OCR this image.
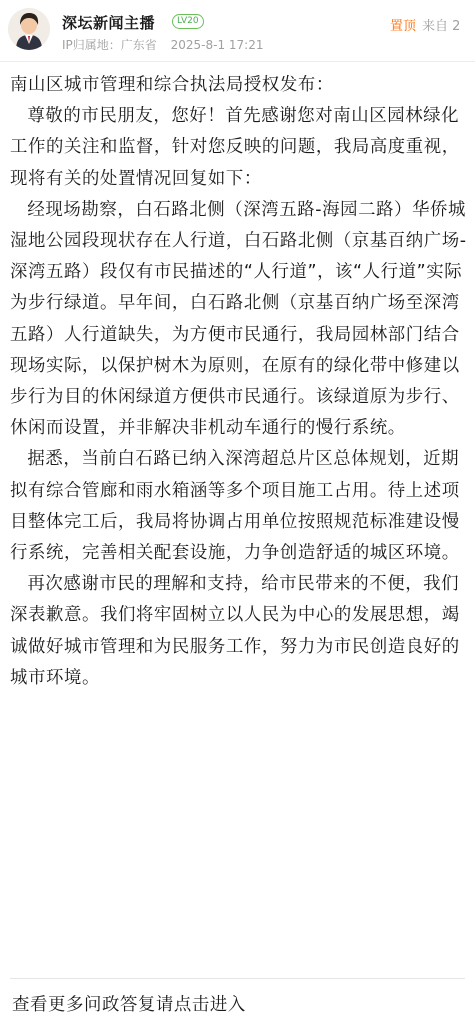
深坛新闻主播	LV20
IP归属地：广东省 2025-8-1 17:21
置顶 来自 2

南山区城市管理和综合执法局授权发布：

尊敬的市民朋友，您好！首先感谢您对南山区园林绿化工作的关注和监督，针对您反映的问题，我局高度重视，现将有关的处置情况回复如下：

经现场勘察，白石路北侧（深湾五路-海园二路）华侨城湿地公园段现状存在人行道，白石路北侧（京基百纳广场-深湾五路）段仅有市民描述的“人行道”，该“人行道”实际为步行绿道。早年间，白石路北侧（京基百纳广场至深湾五路）人行道缺失，为方便市民通行，我局园林部门结合现场实际，以保护树木为原则，在原有的绿化带中修建以步行为目的休闲绿道方便供市民通行。该绿道原为步行、休闲而设置，并非解决非机动车通行的慢行系统。

据悉，当前白石路已纳入深湾超总片区总体规划，近期拟有综合管廊和雨水箱涵等多个项目施工占用。待上述项目整体完工后，我局将协调占用单位按照规范标准建设慢行系统，完善相关配套设施，力争创造舒适的城区环境。

再次感谢市民的理解和支持，给市民带来的不便，我们深表歉意。我们将牢固树立以人民为中心的发展思想，竭诚做好城市管理和为民服务工作，努力为市民创造良好的城市环境。

查看更多问政答复请点击进入
